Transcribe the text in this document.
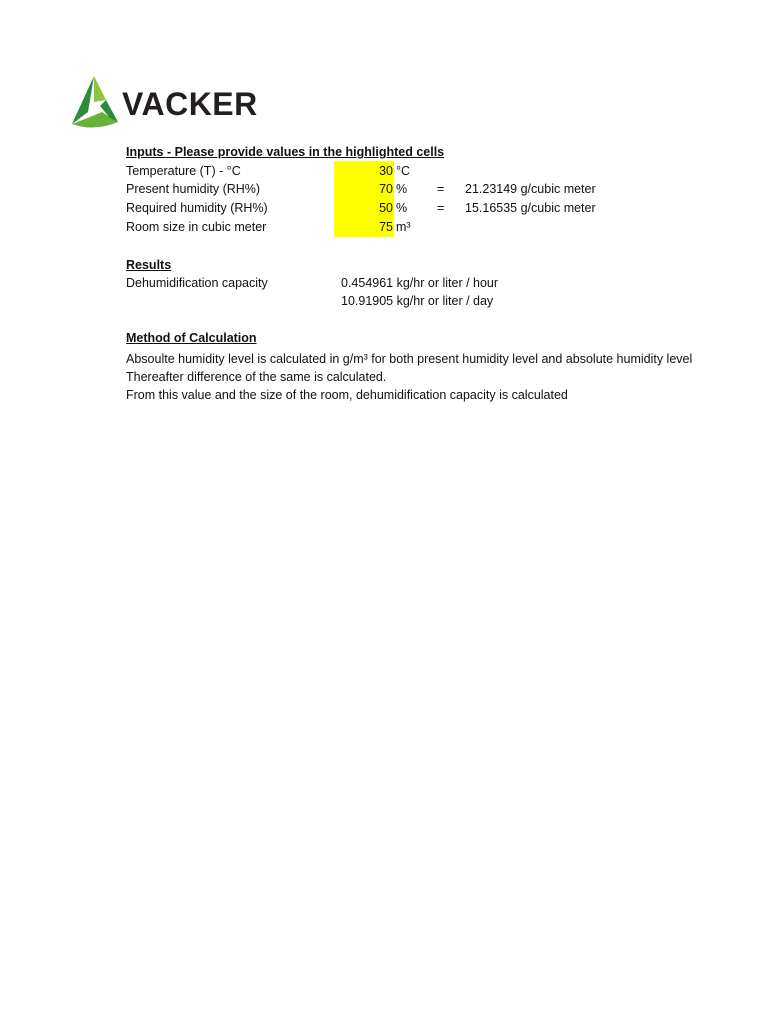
VACKER
Inputs - Please provide values in the highlighted cells
Temperature (T) - °C	30 °C
Present humidity (RH%)	70 % = 21.23149 g/cubic meter
Required humidity (RH%)	50 % = 15.16535 g/cubic meter
Room size in cubic meter	75 m³
Results
Dehumidification capacity	0.454961 kg/hr or liter / hour
10.91905 kg/hr or liter / day
Method of Calculation
Absoulte humidity level is calculated in g/m³ for both present humidity level and absolute humidity level
Thereafter difference of the same is calculated.
From this value and the size of the room, dehumidification capacity is calculated
